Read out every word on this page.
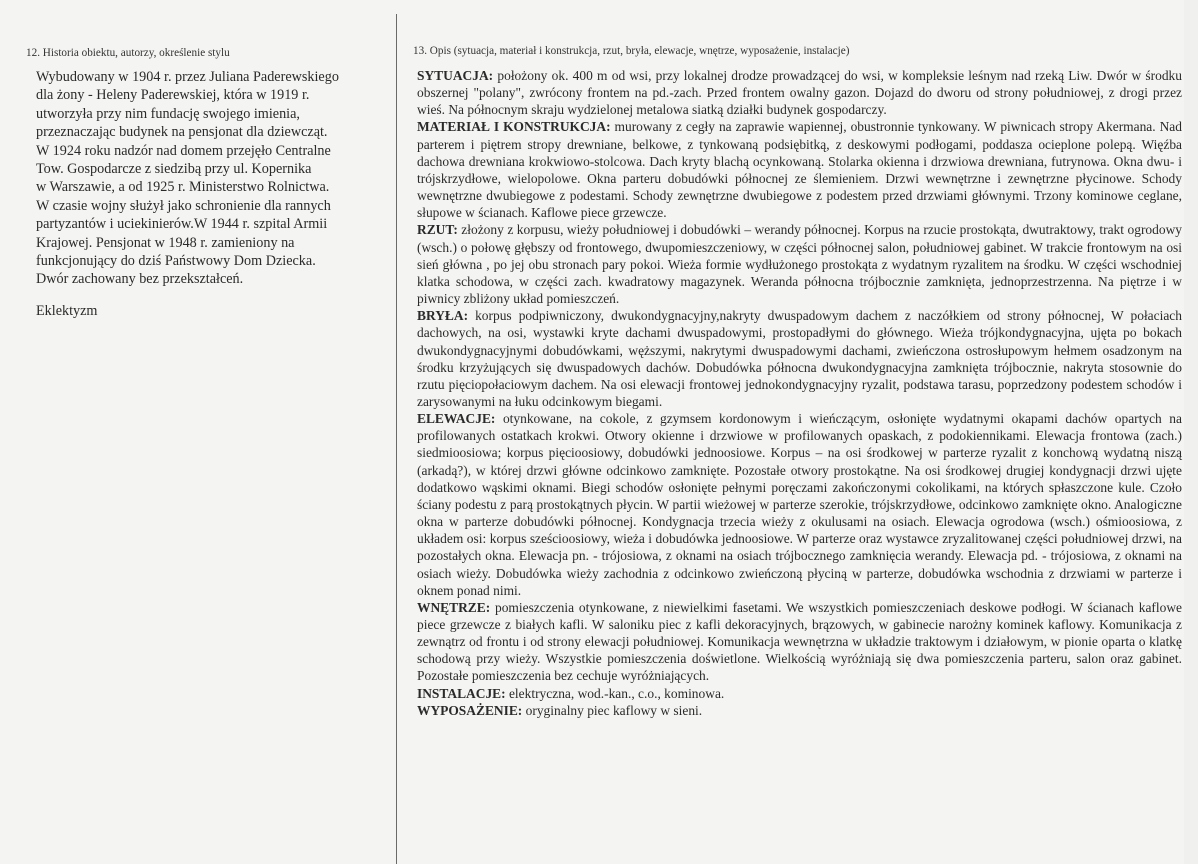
12. Historia obiektu, autorzy, określenie stylu

Wybudowany w 1904 r. przez Juliana Paderewskiego

dla żony - Heleny Paderewskiej, która w 1919 r.

utworzyła przy nim fundację swojego imienia,

przeznaczając budynek na pensjonat dla dziewcząt.

W 1924 roku nadzór nad domem przejęło Centralne

Tow. Gospodarcze z siedzibą przy ul. Kopernika

w Warszawie, a od 1925 r. Ministerstwo Rolnictwa.

W czasie wojny służył jako schronienie dla rannych

partyzantów i uciekinierów.W 1944 r. szpital Armii

Krajowej. Pensjonat w 1948 r. zamieniony na

funkcjonujący do dziś Państwowy Dom Dziecka.

Dwór zachowany bez przekształceń.

Eklektyzm
13. Opis (sytuacja, materiał i konstrukcja, rzut, bryła, elewacje, wnętrze, wyposażenie, instalacje)

SYTUACJA: położony ok. 400 m od wsi, przy lokalnej drodze prowadzącej do wsi, w kompleksie leśnym nad rzeką Liw. Dwór w środku obszernej "polany", zwrócony frontem na pd.-zach. Przed frontem owalny gazon. Dojazd do dworu od strony południowej, z drogi przez wieś. Na północnym skraju wydzielonej metalowa siatką działki budynek gospodarczy.

MATERIAŁ I KONSTRUKCJA: murowany z cegły na zaprawie wapiennej, obustronnie tynkowany. W piwnicach stropy Akermana. Nad parterem i piętrem stropy drewniane, belkowe, z tynkowaną podsiębitką, z deskowymi podłogami, poddasza ocieplone polepą. Więźba dachowa drewniana krokwiowo-stolcowa. Dach kryty blachą ocynkowaną. Stolarka okienna i drzwiowa drewniana, futrynowa. Okna dwu- i trójskrzydłowe, wielopolowe. Okna parteru dobudówki północnej ze ślemieniem. Drzwi wewnętrzne i zewnętrzne płycinowe. Schody wewnętrzne dwubiegowe z podestami. Schody zewnętrzne dwubiegowe z podestem przed drzwiami głównymi. Trzony kominowe ceglane, słupowe w ścianach. Kaflowe piece grzewcze.

RZUT: złożony z korpusu, wieży południowej i dobudówki – werandy północnej. Korpus na rzucie prostokąta, dwutraktowy, trakt ogrodowy (wsch.) o połowę głębszy od frontowego, dwupomieszczeniowy, w części północnej salon, południowej gabinet. W trakcie frontowym na osi sień główna , po jej obu stronach pary pokoi. Wieża formie wydłużonego prostokąta z wydatnym ryzalitem na środku. W części wschodniej klatka schodowa, w części zach. kwadratowy magazynek. Weranda północna trójbocznie zamknięta, jednoprzestrzenna. Na piętrze i w piwnicy zbliżony układ pomieszczeń.

BRYŁA: korpus podpiwniczony, dwukondygnacyjny,nakryty dwuspadowym dachem z naczółkiem od strony północnej, W połaciach dachowych, na osi, wystawki kryte dachami dwuspadowymi, prostopadłymi do głównego. Wieża trójkondygnacyjna, ujęta po bokach dwukondygnacyjnymi dobudówkami, węższymi, nakrytymi dwuspadowymi dachami, zwieńczona ostrosłupowym hełmem osadzonym na środku krzyżujących się dwuspadowych dachów. Dobudówka północna dwukondygnacyjna zamknięta trójbocznie, nakryta stosownie do rzutu pięciopołaciowym dachem. Na osi elewacji frontowej jednokondygnacyjny ryzalit, podstawa tarasu, poprzedzony podestem schodów i zarysowanymi na łuku odcinkowym biegami.

ELEWACJE: otynkowane, na cokole, z gzymsem kordonowym i wieńczącym, osłonięte wydatnymi okapami dachów opartych na profilowanych ostatkach krokwi. Otwory okienne i drzwiowe w profilowanych opaskach, z podokiennikami. Elewacja frontowa (zach.) siedmioosiowa; korpus pięcioosiowy, dobudówki jednoosiowe. Korpus – na osi środkowej w parterze ryzalit z konchową wydatną niszą (arkadą?), w której drzwi główne odcinkowo zamknięte. Pozostałe otwory prostokątne. Na osi środkowej drugiej kondygnacji drzwi ujęte dodatkowo wąskimi oknami. Biegi schodów osłonięte pełnymi poręczami zakończonymi cokolikami, na których spłaszczone kule. Czoło ściany podestu z parą prostokątnych płycin. W partii wieżowej w parterze szerokie, trójskrzydłowe, odcinkowo zamknięte okno. Analogiczne okna w parterze dobudówki północnej. Kondygnacja trzecia wieży z okulusami na osiach. Elewacja ogrodowa (wsch.) ośmioosiowa, z układem osi: korpus sześcioosiowy, wieża i dobudówka jednoosiowe. W parterze oraz wystawce zryzalitowanej części południowej drzwi, na pozostałych okna. Elewacja pn. - trójosiowa, z oknami na osiach trójbocznego zamknięcia werandy. Elewacja pd. - trójosiowa, z oknami na osiach wieży. Dobudówka wieży zachodnia z odcinkowo zwieńczoną płyciną w parterze, dobudówka wschodnia z drzwiami w parterze i oknem ponad nimi.

WNĘTRZE: pomieszczenia otynkowane, z niewielkimi fasetami. We wszystkich pomieszczeniach deskowe podłogi. W ścianach kaflowe piece grzewcze z białych kafli. W saloniku piec z kafli dekoracyjnych, brązowych, w gabinecie narożny kominek kaflowy. Komunikacja z zewnątrz od frontu i od strony elewacji południowej. Komunikacja wewnętrzna w układzie traktowym i działowym, w pionie oparta o klatkę schodową przy wieży. Wszystkie pomieszczenia doświetlone. Wielkością wyróżniają się dwa pomieszczenia parteru, salon oraz gabinet. Pozostałe pomieszczenia bez cechuje wyróżniających.

INSTALACJE: elektryczna, wod.-kan., c.o., kominowa.

WYPOSAŻENIE: oryginalny piec kaflowy w sieni.
